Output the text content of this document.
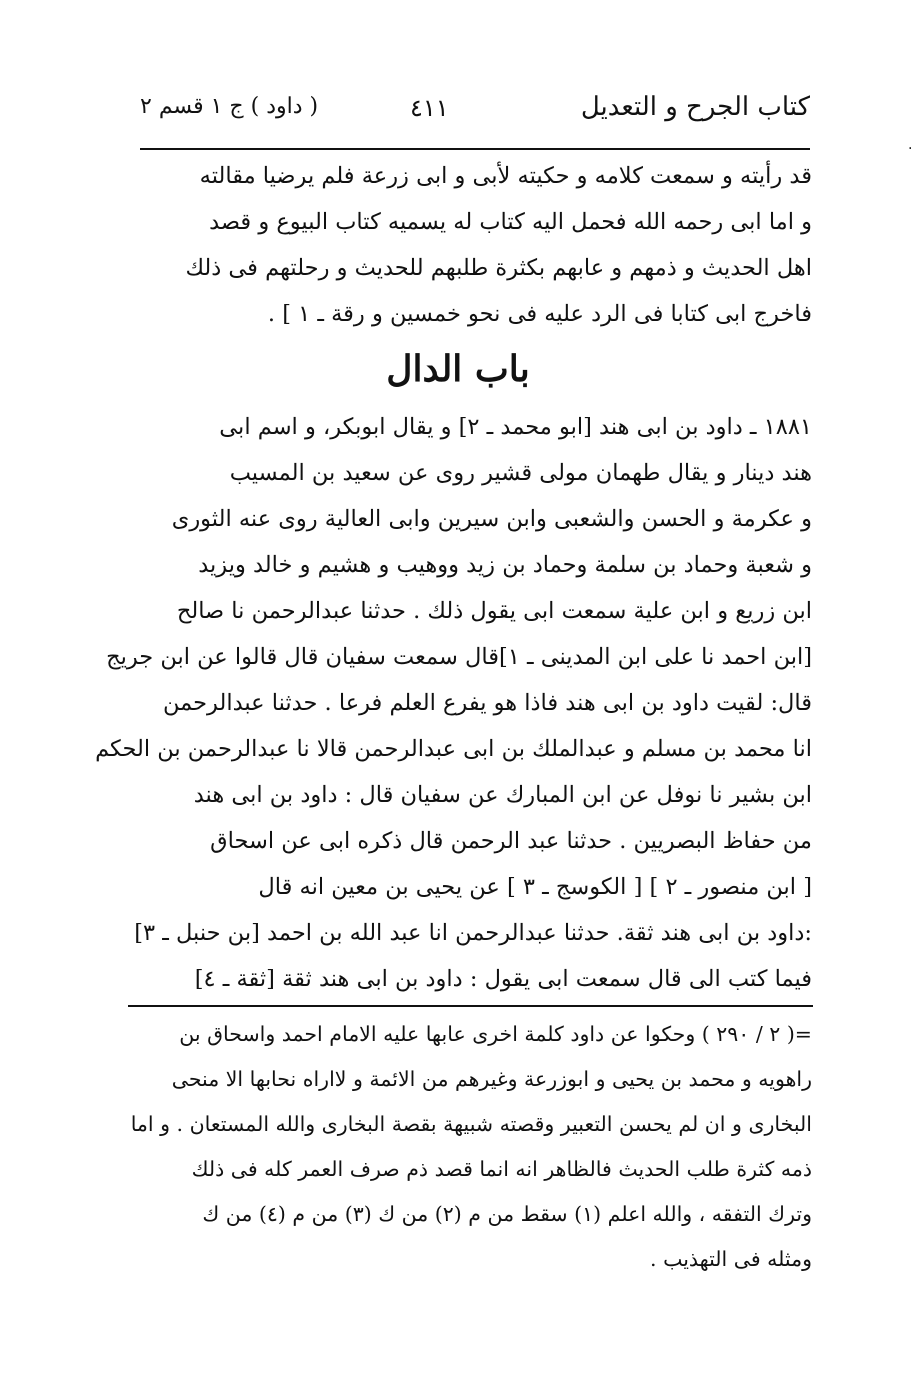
كتاب الجرح و التعديل
٤١١
( داود ) ج ١ قسم ٢
٠
قد رأيته و سمعت كلامه و حكيته لأبى و ابى زرعة فلم يرضيا مقالته
و اما ابى رحمه الله فحمل اليه كتاب له يسميه كتاب البيوع و قصد
اهل الحديث و ذمهم و عابهم بكثرة طلبهم للحديث و رحلتهم فى ذلك
فاخرج ابى كتابا فى الرد عليه فى نحو خمسين و رقة ـ ١ ] .
باب الدال
١٨٨١ ـ داود بن ابى هند [ابو محمد ـ ٢] و يقال ابوبكر، و اسم ابى
هند دينار و يقال طهمان مولى قشير روى عن سعيد بن المسيب
و عكرمة و الحسن والشعبى وابن سيرين وابى العالية روى عنه الثورى
و شعبة وحماد بن سلمة وحماد بن زيد ووهيب و هشيم و خالد ويزيد
ابن زريع و ابن علية سمعت ابى يقول ذلك . حدثنا عبدالرحمن نا صالح
[ابن احمد نا على ابن المدينى ـ ١]قال سمعت سفيان قال قالوا عن ابن جريج
قال: لقيت داود بن ابى هند فاذا هو يفرع العلم فرعا . حدثنا عبدالرحمن
انا محمد بن مسلم و عبدالملك بن ابى عبدالرحمن قالا نا عبدالرحمن بن الحكم
ابن بشير نا نوفل عن ابن المبارك عن سفيان قال : داود بن ابى هند
من حفاظ البصريين . حدثنا عبد الرحمن قال ذكره ابى عن اسحاق
[ ابن منصور ـ ٢ ] [ الكوسج ـ ٣ ] عن يحيى بن معين انه قال
:داود بن ابى هند ثقة. حدثنا عبدالرحمن انا عبد الله بن احمد [بن حنبل ـ ٣]
فيما كتب الى قال سمعت ابى يقول : داود بن ابى هند ثقة [ثقة ـ ٤]
=( ٢ / ٢٩٠ ) وحكوا عن داود كلمة اخرى عابها عليه الامام احمد واسحاق بن
راهويه و محمد بن يحيى و ابوزرعة وغيرهم من الائمة و لااراه نحابها الا منحى
البخارى و ان لم يحسن التعبير وقصته شبيهة بقصة البخارى والله المستعان . و اما
ذمه كثرة طلب الحديث فالظاهر انه انما قصد ذم صرف العمر كله فى ذلك
وترك التفقه ، والله اعلم (١) سقط من م (٢) من ك (٣) من م (٤) من ك
ومثله فى التهذيب .
